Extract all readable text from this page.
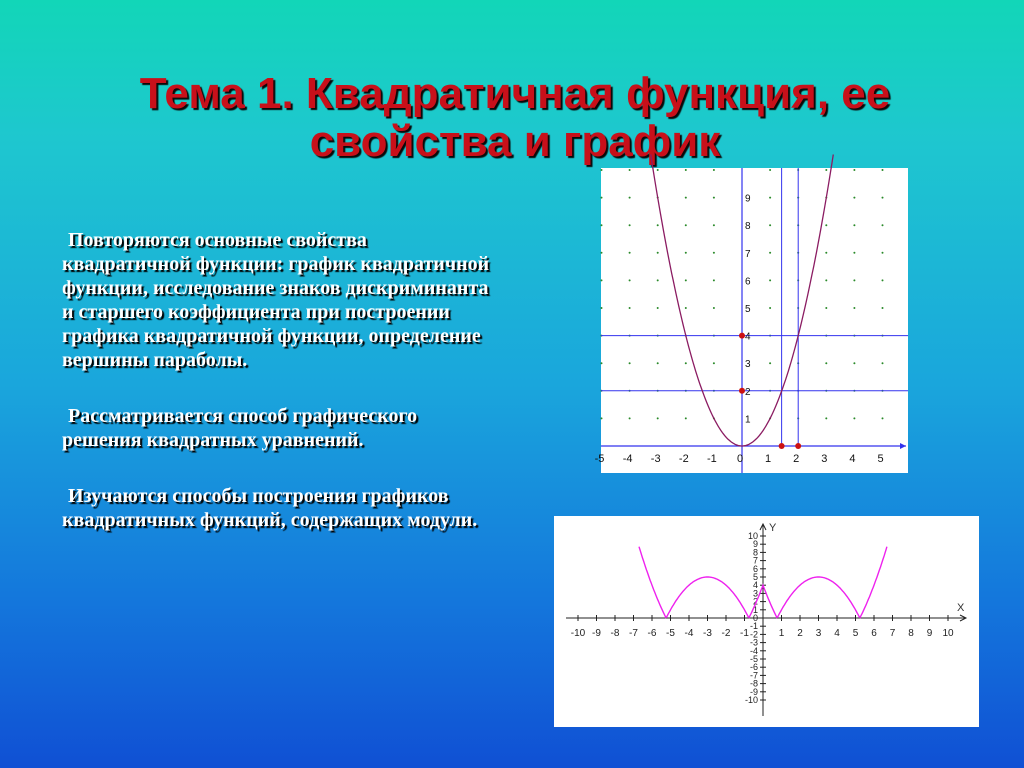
Тема 1. Квадратичная функция, ее свойства и график

Повторяются основные свойства квадратичной функции: график квадратичной функции, исследование знаков дискриминанта и старшего коэффициента при построении графика квадратичной функции, определение вершины параболы.

Рассматривается способ графического решения квадратных уравнений.

Изучаются способы построения графиков квадратичных функций, содержащих модули.

-5 -4 -3 -2 -1 0 1 2 3 4 5
1
2
3
4
5
6
7
8
9
X
Y
-10 -9 -8 -7 -6 -5 -4 -3 -2 -1	1 2 3 4 5 6 7 8 9 10
10
9
8
7
6
5
4
3
2
1
-1
-2
-3
-4
-5
-6
-7
-8
-9
-10
0
